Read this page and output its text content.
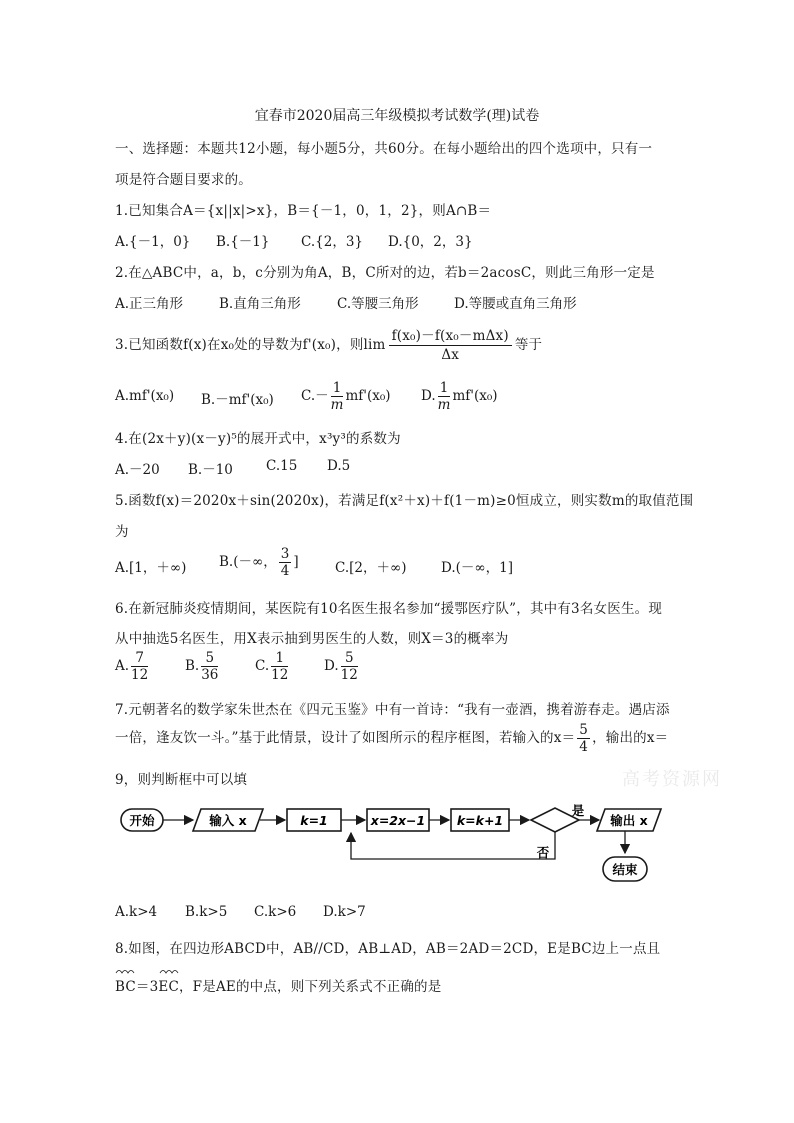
宜春市2020届高三年级模拟考试数学(理)试卷
一、选择题：本题共12小题，每小题5分，共60分。在每小题给出的四个选项中，只有一
项是符合题目要求的。
1.已知集合A＝{x||x|>x}，B＝{－1，0，1，2}，则A∩B＝
A.{－1，0} B.{－1} C.{2，3} D.{0，2，3}
2.在△ABC中，a，b，c分别为角A，B，C所对的边，若b＝2acosC，则此三角形一定是
A.正三角形	B.直角三角形	C.等腰三角形	D.等腰或直角三角形
3.已知函数f(x)在x₀处的导数为f'(x₀)，则$\lim \frac{\text{f(x₀)－f(x₀－mΔx)}}{\Delta x}$ 等于
A.mf'(x₀) B.－mf'(x₀) $C.- \frac{1}{m} mf'(x_0)$ D. $\frac{1}{m} mf'(x_0)$
4.在(2x＋y)(x－y)⁵的展开式中，x³y³的系数为
A.－20 B.－10 C.15 D.5
5.函数f(x)＝2020x＋sin(2020x)，若满足f(x²＋x)＋f(1－m)≥0恒成立，则实数m的取值范围
为
A.[1，＋∞) B.(－∞， $\frac{3}{4}$ ]	C.[2，＋∞)	D.(－∞，1]
6.在新冠肺炎疫情期间，某医院有10名医生报名参加“援鄂医疗队”，其中有3名女医生。现
从中抽选5名医生，用X表示抽到男医生的人数，则X＝3的概率为
A. $\frac{7}{12}$	B. $\frac{5}{36}$	C. $\frac{1}{12}$	D. $\frac{5}{12}$
7.元朝著名的数学家朱世杰在《四元玉鉴》中有一首诗：“我有一壶酒，携着游春走。遇店添
一倍，逢友饮一斗。”基于此情景，设计了如图所示的程序框图，若输入的$x= \frac{5}{4}$ ，输出的x＝
9，则判断框中可以填	高考资源网
开始	输入 x	k=1	x=2x−1	k=k+1
是
否
输出 x
结束
A.k>4 B.k>5 C.k>6 D.k>7
8.如图，在四边形ABCD中，AB//CD，AB⊥AD，AB＝2AD＝2CD，E是BC边上一点且
BC＝3EC，F是AE的中点，则下列关系式不正确的是
